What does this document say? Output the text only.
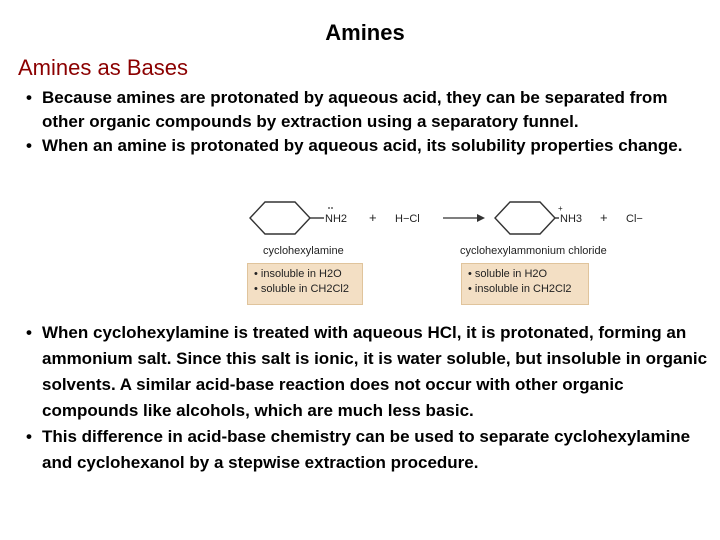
Amines
Amines as Bases
• Because amines are protonated by aqueous acid, they can be separated from other organic compounds by extraction using a separatory funnel.
• When an amine is protonated by aqueous acid, its solubility properties change.
NH2 + H−Cl
+
NH3 + Cl−
cyclohexylamine	cyclohexylammonium chloride
• insoluble in H2O
• soluble in CH2Cl2
• soluble in H2O
• insoluble in CH2Cl2
• When cyclohexylamine is treated with aqueous HCl, it is protonated, forming an ammonium salt. Since this salt is ionic, it is water soluble, but insoluble in organic solvents. A similar acid-base reaction does not occur with other organic compounds like alcohols, which are much less basic.
• This difference in acid-base chemistry can be used to separate cyclohexylamine and cyclohexanol by a stepwise extraction procedure.
